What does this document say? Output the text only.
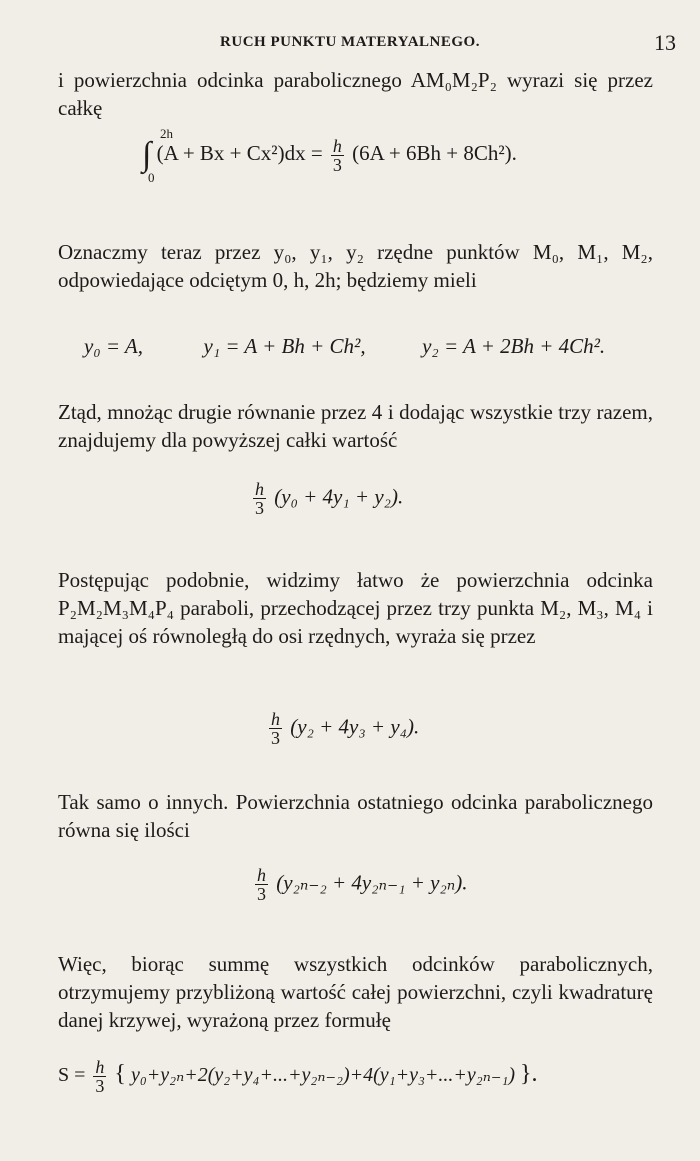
RUCH PUNKTU MATERYALNEGO.	13
i powierzchnia odcinka parabolicznego AM₀M₂P₂ wyrazi się przez całkę
∫
2h
0
$(A + Bx + Cx^2)dx = \frac{h}{3} (6A + 6Bh + 8Ch^2)$.
Oznaczmy teraz przez y₀, y₁, y₂ rzędne punktów M₀, M₁, M₂, odpowiedające odciętym 0, h, 2h; będziemy mieli
y₀ = A,	y₁ = A + Bh + Ch²,	y₂ = A + 2Bh + 4Ch².
Ztąd, mnożąc drugie równanie przez 4 i dodając wszystkie trzy razem, znajdujemy dla powyższej całki wartość
$\frac{h}{3} (y_0 + 4y_1 + y_2)$.
Postępując podobnie, widzimy łatwo że powierzchnia odcinka P₂M₂M₃M₄P₄ paraboli, przechodzącej przez trzy punkta M₂, M₃, M₄ i mającej oś równoległą do osi rzędnych, wyraża się przez
$\frac{h}{3} (y_2 + 4y_3 + y_4)$.
Tak samo o innych. Powierzchnia ostatniego odcinka parabolicznego równa się ilości
$\frac{h}{3} (y_{2n-2} + 4y_{2n-1} + y_{2n})$.
Więc, biorąc summę wszystkich odcinków parabolicznych, otrzymujemy przybliżoną wartość całej powierzchni, czyli kwadraturę danej krzywej, wyrażoną przez formułę
$S = \frac{h}{3}$ { y₀+y₂ₙ+2(y₂+y₄+...+y₂ₙ₋₂)+4(y₁+y₃+...+y₂ₙ₋₁) }.
